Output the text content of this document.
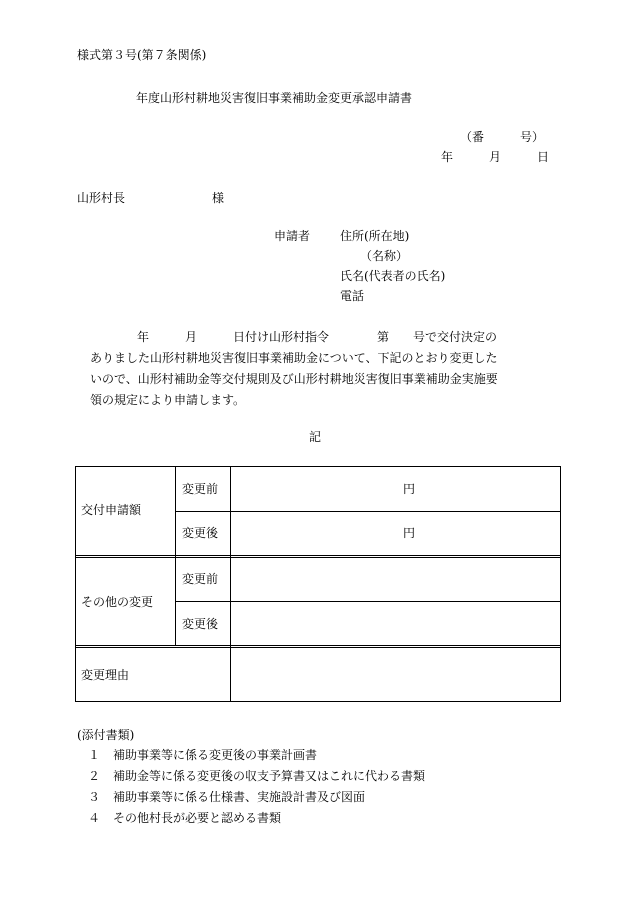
様式第３号(第７条関係)
年度山形村耕地災害復旧事業補助金変更承認申請書
（番　　　号）
年　　　月　　　日
山形村長	様
申請者 住所(所在地)
（名称）
氏名(代表者の氏名)
電話
年　　　月　　　日付け山形村指令　　　　第　　号で交付決定の
ありました山形村耕地災害復旧事業補助金について、下記のとおり変更した
いので、山形村補助金等交付規則及び山形村耕地災害復旧事業補助金実施要
領の規定により申請します。
記
交付申請額
変更前
変更後
円
円
その他の変更
変更前
変更後
変更理由
(添付書類)
１ 補助事業等に係る変更後の事業計画書
２ 補助金等に係る変更後の収支予算書又はこれに代わる書類
３ 補助事業等に係る仕様書、実施設計書及び図面
４ その他村長が必要と認める書類
